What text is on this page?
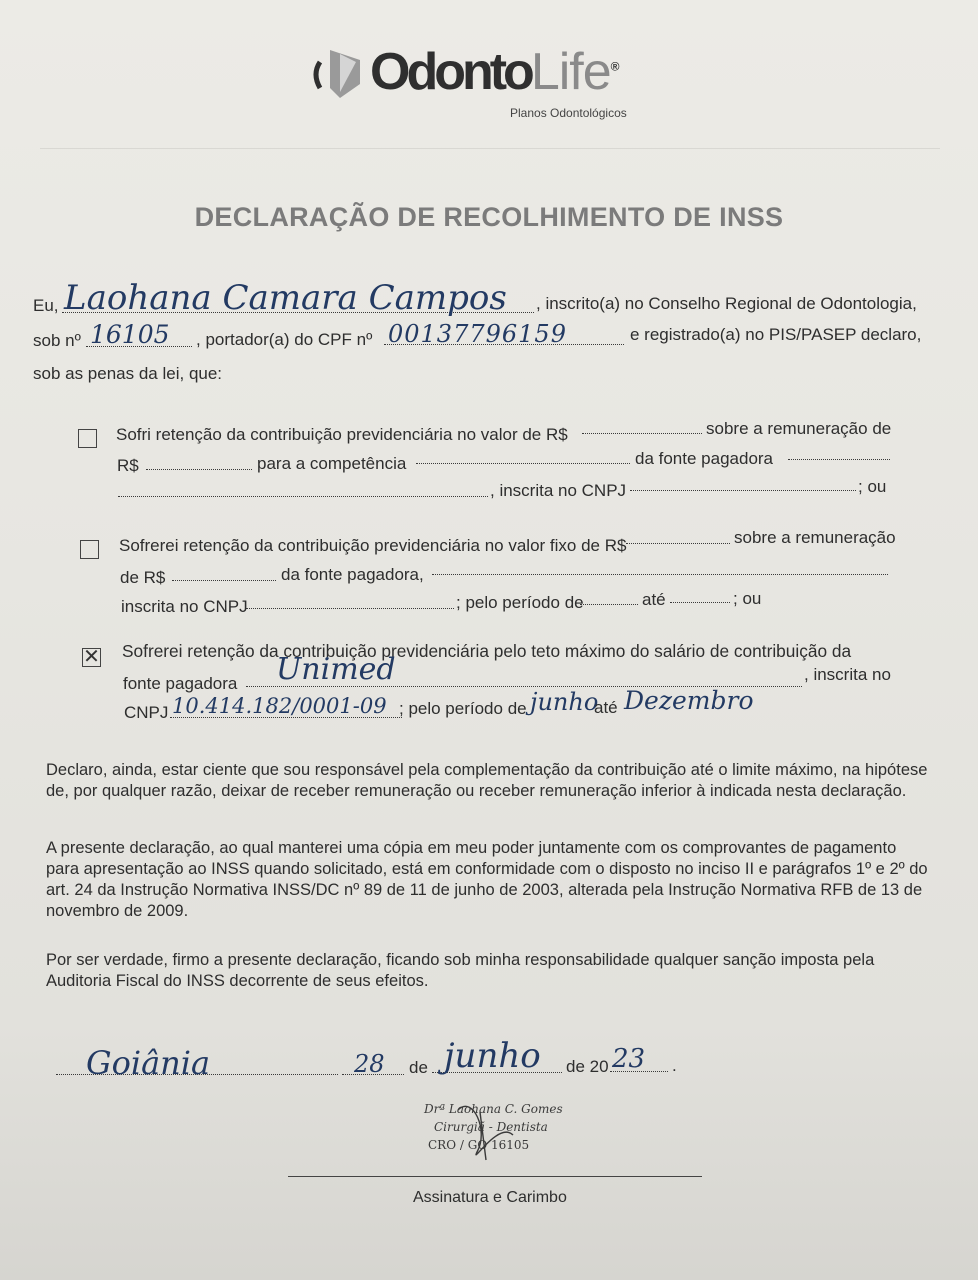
OdontoLife®
Planos Odontológicos
DECLARAÇÃO DE RECOLHIMENTO DE INSS
Eu, Laohana Camara Campos , inscrito(a) no Conselho Regional de Odontologia,
sob nº 16105 , portador(a) do CPF nº 00137796159	e registrado(a) no PIS/PASEP declaro,
sob as penas da lei, que:
Sofri retenção da contribuição previdenciária no valor de R$	sobre a remuneração de
R$	para a competência	da fonte pagadora
, inscrita no CNPJ	; ou
Sofrerei retenção da contribuição previdenciária no valor fixo de R$	sobre a remuneração
de R$	da fonte pagadora,
inscrita no CNPJ	; pelo período de	até	; ou
✕ Sofrerei retenção da contribuição previdenciária pelo teto máximo do salário de contribuição da
fonte pagadora Unimed	, inscrita no
CNPJ 10.414.182/0001-09 ; pelo período de junho
até Dezembro

Declaro, ainda, estar ciente que sou responsável pela complementação da contribuição até o limite máximo, na hipótese de, por qualquer razão, deixar de receber remuneração ou receber remuneração inferior à indicada nesta declaração.

A presente declaração, ao qual manterei uma cópia em meu poder juntamente com os comprovantes de pagamento para apresentação ao INSS quando solicitado, está em conformidade com o disposto no inciso II e parágrafos 1º e 2º do art. 24 da Instrução Normativa INSS/DC nº 89 de 11 de junho de 2003, alterada pela Instrução Normativa RFB de 13 de novembro de 2009.

Por ser verdade, firmo a presente declaração, ficando sob minha responsabilidade qualquer sanção imposta pela Auditoria Fiscal do INSS decorrente de seus efeitos.

Goiânia	28 de junho de 20 23 .
Drª Laohana C. Gomes
Cirurgiã - Dentista
CRO / GO 16105
Assinatura e Carimbo
